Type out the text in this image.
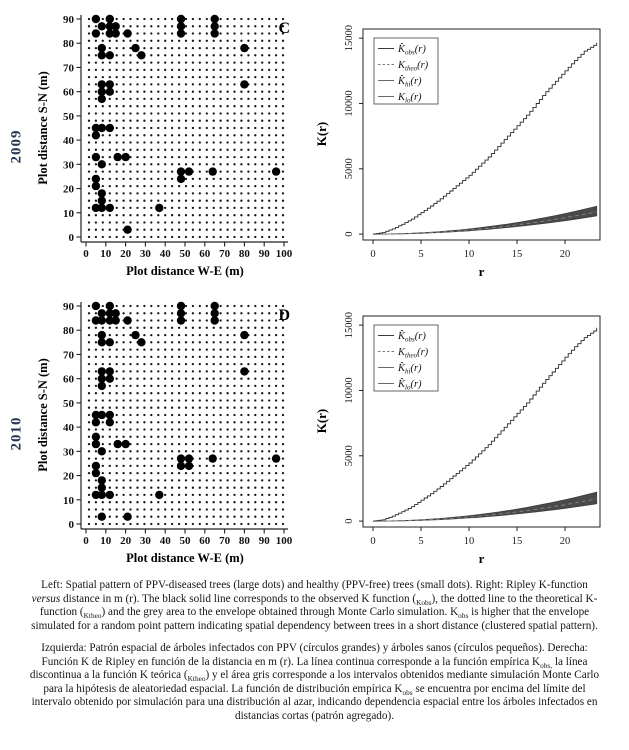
2009
0 10 20 30 40 50 60 70 80 90 100
0
10
20
30
40
50
60
70
80
90
Plot distance W-E (m)
Plot distance S-N (m)
C
0	5	10	15	20
0
5000
10000
15000
r
K(r)
$K̂_{obs}(r)$
$K_{theo}(r)$
$K̂_{hi}(r)$
$K_{lo}(r)$
2010
0 10 20 30 40 50 60 70 80 90 100
0
10
20
30
40
50
60
70
80
90
Plot distance W-E (m)
Plot distance S-N (m)
D
0	5	10	15	20
0
5000
10000
15000
r
K(r)
$K̂_{obs}(r)$
$K_{theo}(r)$
$K̂_{hi}(r)$
$K̂_{lo}(r)$

Left: Spatial pattern of PPV-diseased trees (large dots) and healthy (PPV-free) trees (small dots). Right: Ripley K-function versus distance in m (r). The black solid line corresponds to the observed K function $(_{Kobs})$, the dotted line to the theoretical K-function $(_{Ktheo})$ and the grey area to the envelope obtained through Monte Carlo simulation. $K_{obs}$ is higher that the envelope simulated for a random point pattern indicating spatial dependency between trees in a short distance (clustered spatial pattern).

Izquierda: Patrón espacial de árboles infectados con PPV (círculos grandes) y árboles sanos (círculos pequeños). Derecha: Función K de Ripley en función de la distancia en m (r). La línea continua corresponde a la función empírica $K_{obs,}$ la línea discontinua a la función K teórica $(_{Ktheo})$ y el área gris corresponde a los intervalos obtenidos mediante simulación Monte Carlo para la hipótesis de aleatoriedad espacial. La función de distribución empírica $K_{obs}$ se encuentra por encima del límite del intervalo obtenido por simulación para una distribución al azar, indicando dependencia espacial entre los árboles infectados en distancias cortas (patrón agregado).
